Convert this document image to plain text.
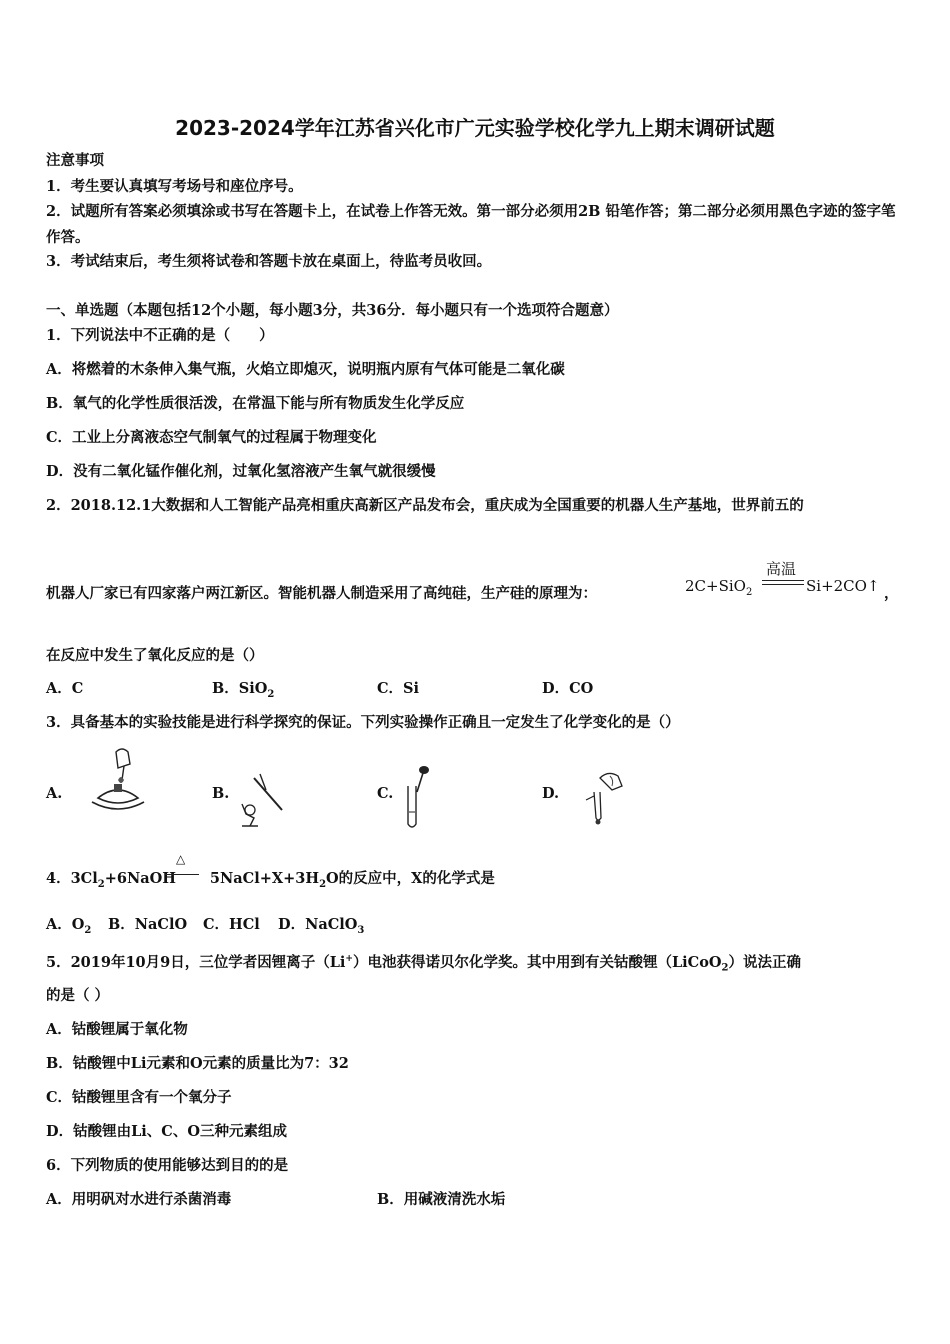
2023-2024学年江苏省兴化市广元实验学校化学九上期末调研试题
注意事项
1．考生要认真填写考场号和座位序号。
2．试题所有答案必须填涂或书写在答题卡上，在试卷上作答无效。第一部分必须用2B 铅笔作答；第二部分必须用黑色字迹的签字笔作答。
3．考试结束后，考生须将试卷和答题卡放在桌面上，待监考员收回。
一、单选题（本题包括12个小题，每小题3分，共36分．每小题只有一个选项符合题意）
1．下列说法中不正确的是（　　）
A．将燃着的木条伸入集气瓶，火焰立即熄灭，说明瓶内原有气体可能是二氧化碳
B．氧气的化学性质很活泼，在常温下能与所有物质发生化学反应
C．工业上分离液态空气制氧气的过程属于物理变化
D．没有二氧化锰作催化剂，过氧化氢溶液产生氧气就很缓慢
2．2018.12.1大数据和人工智能产品亮相重庆高新区产品发布会，重庆成为全国重要的机器人生产基地，世界前五的
机器人厂家已有四家落户两江新区。智能机器人制造采用了高纯硅，生产硅的原理为：	2C+SiO$_2$
高温
Si+2CO↑ ，
在反应中发生了氧化反应的是（）
A．C	B．SiO$_2$	C．Si	D．CO
3．具备基本的实验技能是进行科学探究的保证。下列实验操作正确且一定发生了化学变化的是（）
A.	B.	C.	D.
4．$3Cl_2+6NaOH$ $5NaCl+X+3H_2O$的反应中，X的化学式是
△
A．$O_2$ B．NaClO C．HCl D．NaClO$_3$
5．2019年10月9日，三位学者因锂离子（Li+）电池获得诺贝尔化学奖。其中用到有关钴酸锂（LiCoO$_2$）说法正确
的是（ ）
A．钴酸锂属于氧化物
B．钴酸锂中Li元素和O元素的质量比为7：32
C．钴酸锂里含有一个氧分子
D．钴酸锂由Li、C、O三种元素组成
6．下列物质的使用能够达到目的的是
A．用明矾对水进行杀菌消毒	B．用碱液清洗水垢
